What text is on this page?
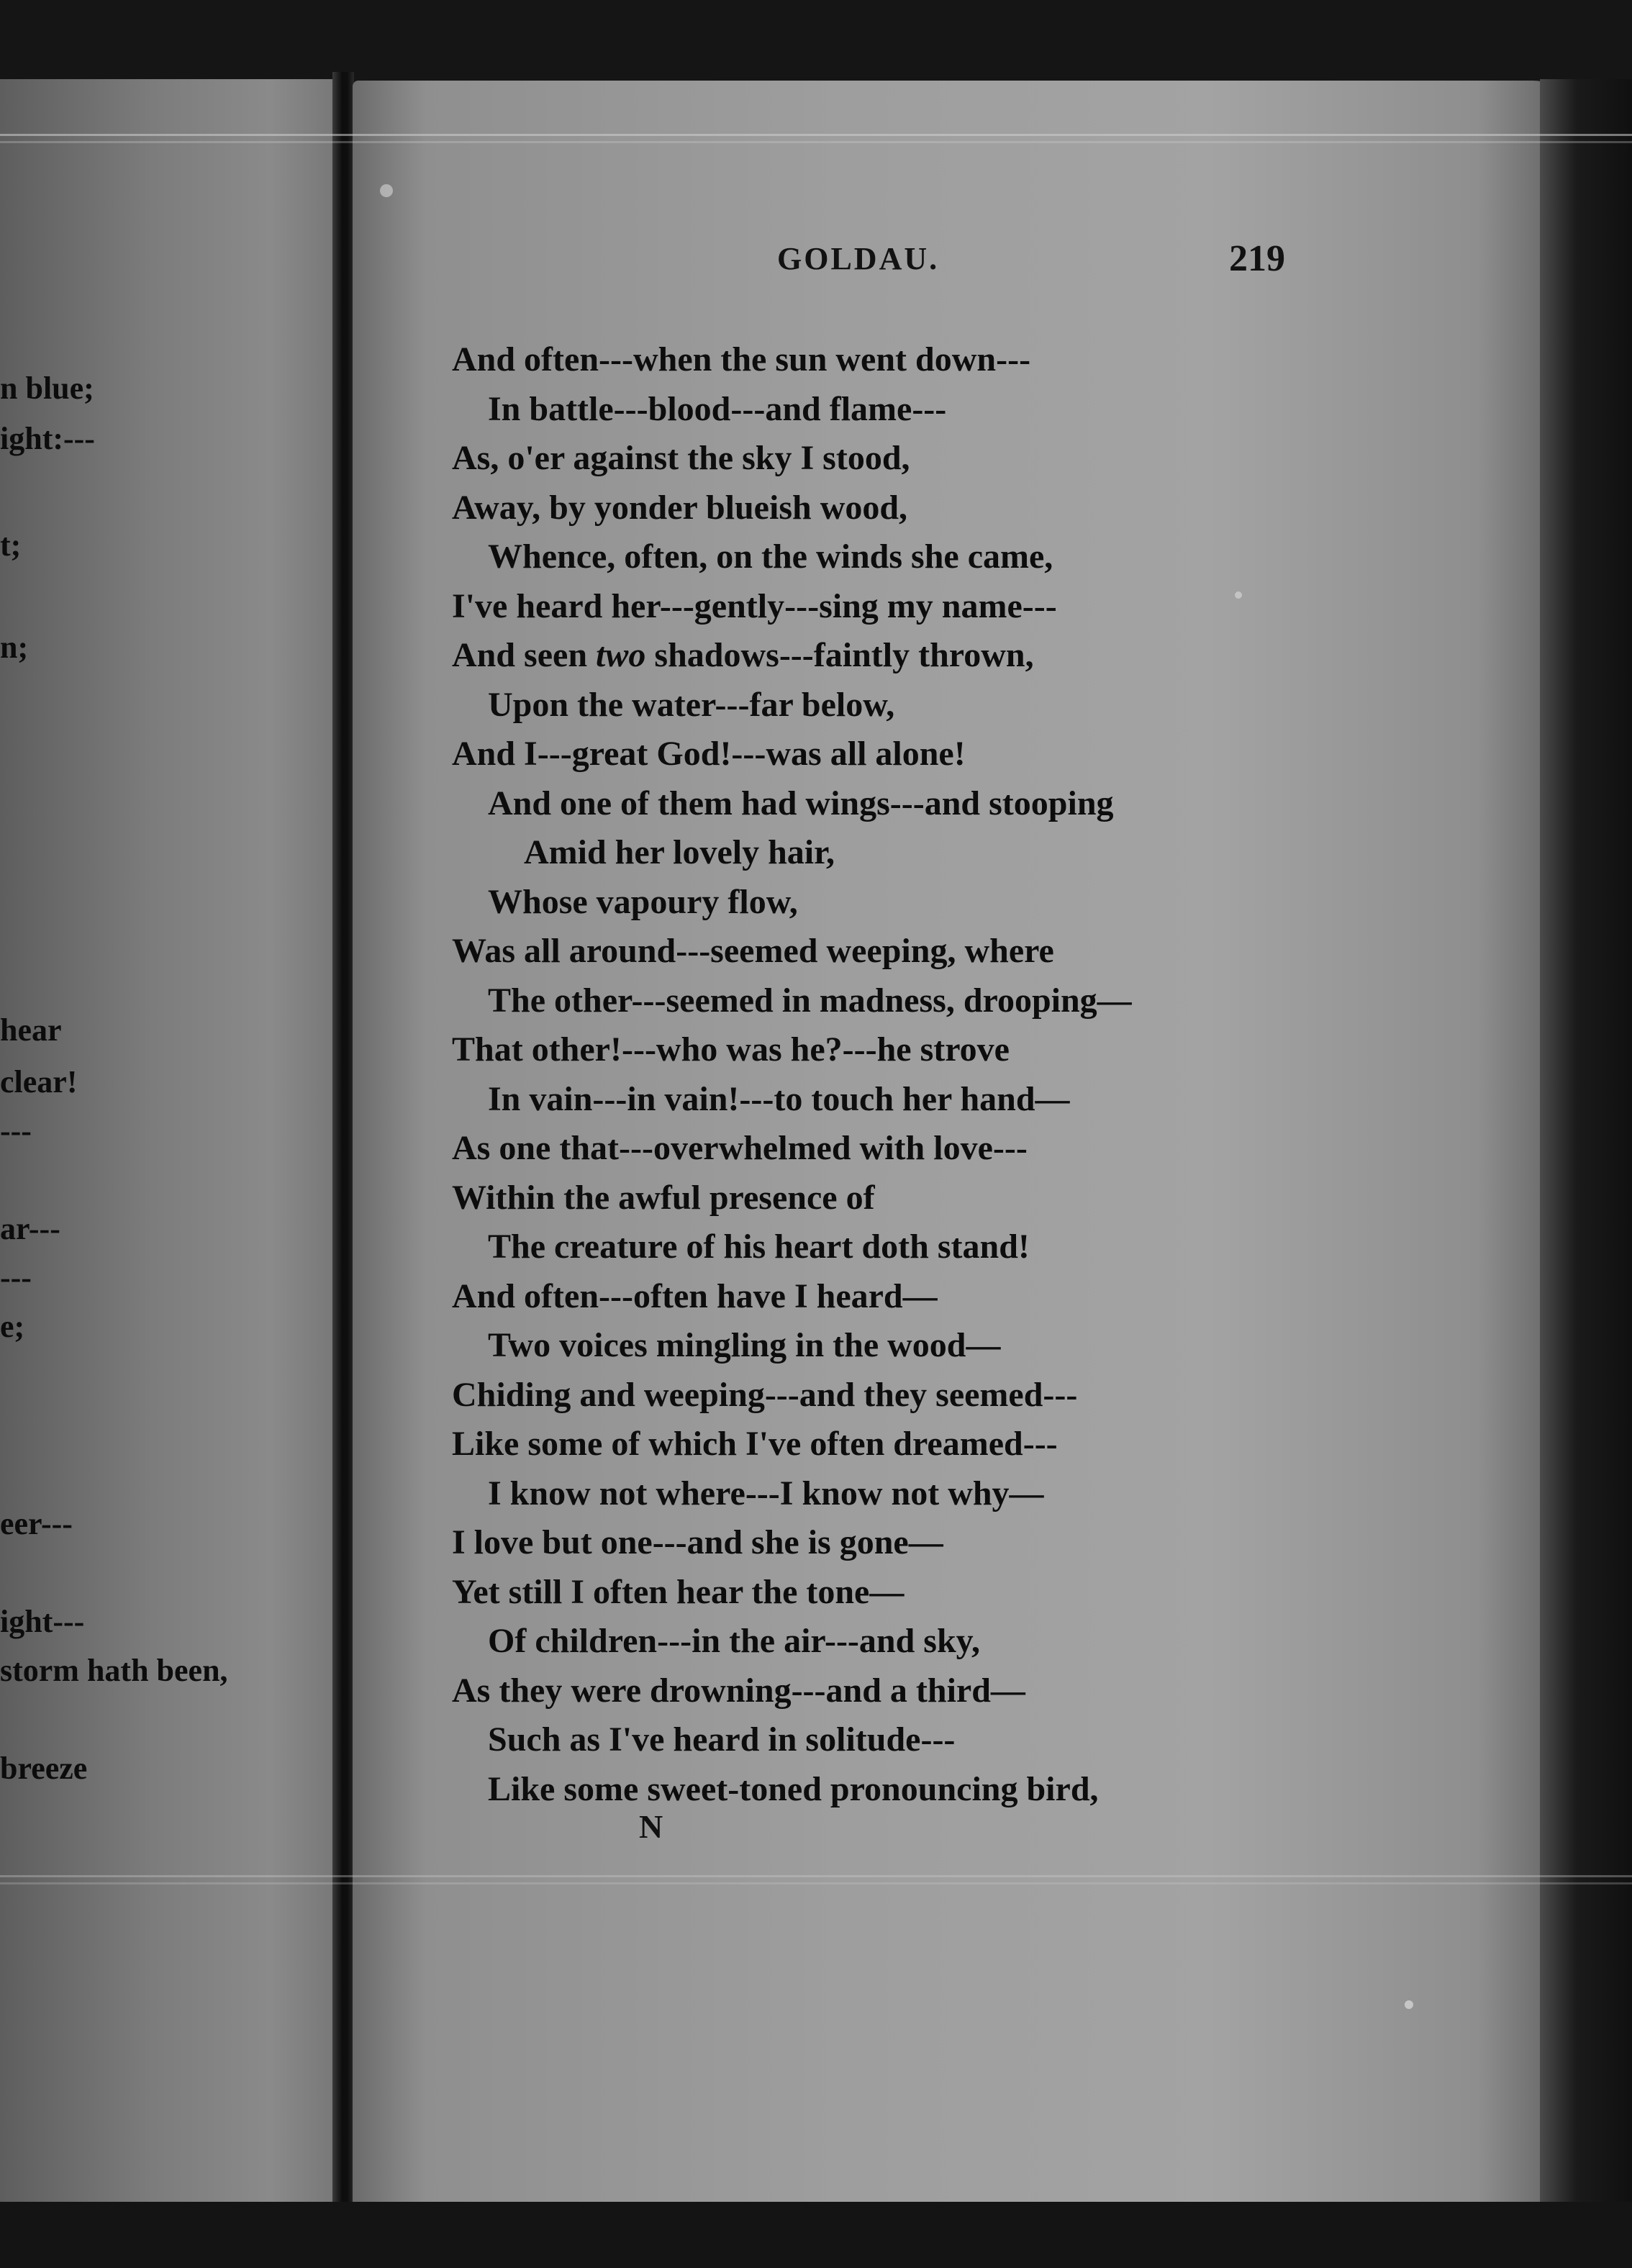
n blue;
ight:---
t;
n;
hear
clear!
---
ar---
---
e;
eer---
ight---
storm hath been,
breeze
GOLDAU.	219
And often---when the sun went down---
In battle---blood---and flame---
As, o'er against the sky I stood,
Away, by yonder blueish wood,
Whence, often, on the winds she came,
I've heard her---gently---sing my name---
And seen two shadows---faintly thrown,
Upon the water---far below,
And I---great God!---was all alone!
And one of them had wings---and stooping
Amid her lovely hair,
Whose vapoury flow,
Was all around---seemed weeping, where
The other---seemed in madness, drooping—
That other!---who was he?---he strove
In vain---in vain!---to touch her hand—
As one that---overwhelmed with love---
Within the awful presence of
The creature of his heart doth stand!
And often---often have I heard—
Two voices mingling in the wood—
Chiding and weeping---and they seemed---
Like some of which I've often dreamed---
I know not where---I know not why—
I love but one---and she is gone—
Yet still I often hear the tone—
Of children---in the air---and sky,
As they were drowning---and a third—
Such as I've heard in solitude---
Like some sweet-toned pronouncing bird,
N
